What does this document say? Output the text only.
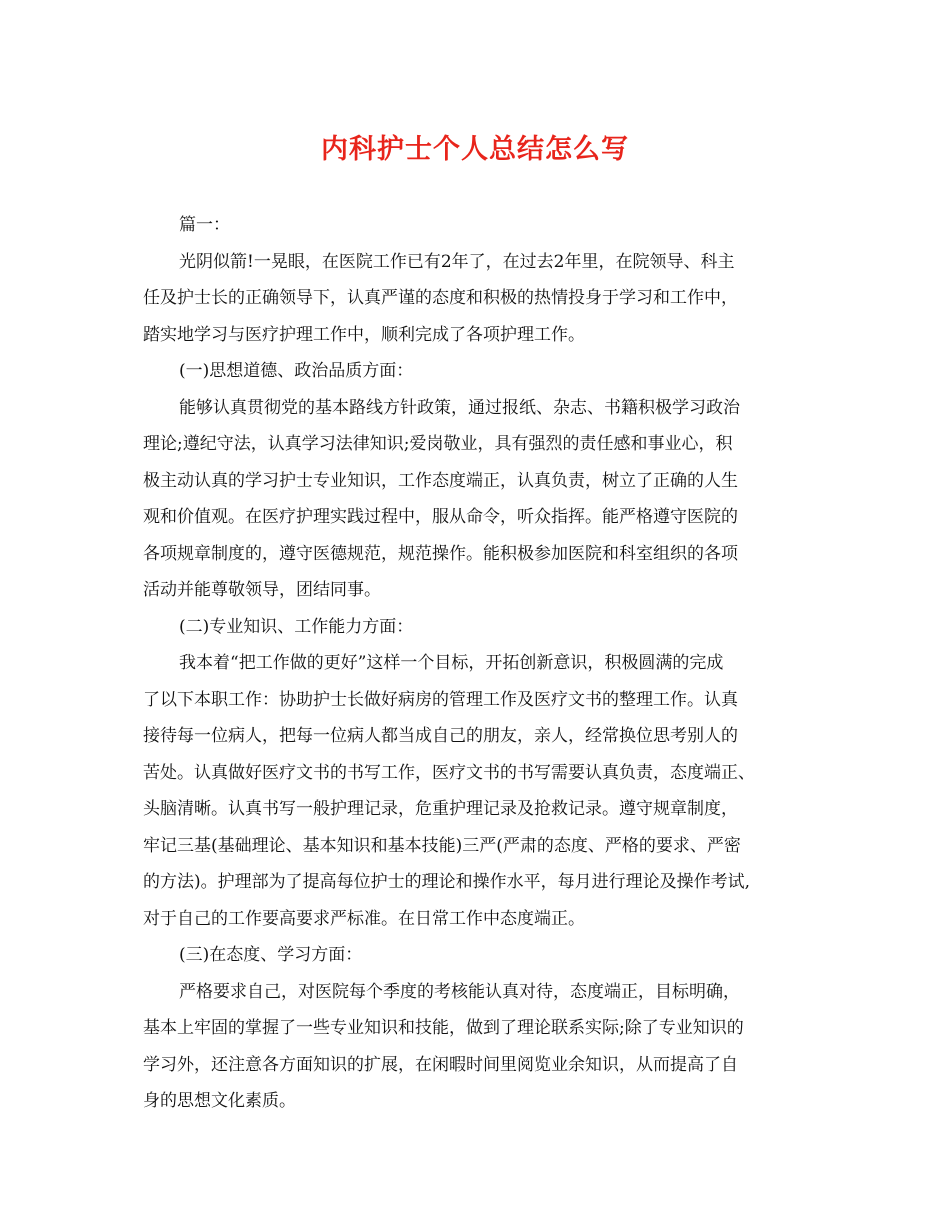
内科护士个人总结怎么写
篇一：
光阴似箭!一晃眼，在医院工作已有2年了，在过去2年里，在院领导、科主
任及护士长的正确领导下，认真严谨的态度和积极的热情投身于学习和工作中，
踏实地学习与医疗护理工作中，顺利完成了各项护理工作。
(一)思想道德、政治品质方面：
能够认真贯彻党的基本路线方针政策，通过报纸、杂志、书籍积极学习政治
理论;遵纪守法，认真学习法律知识;爱岗敬业，具有强烈的责任感和事业心，积
极主动认真的学习护士专业知识，工作态度端正，认真负责，树立了正确的人生
观和价值观。在医疗护理实践过程中，服从命令，听众指挥。能严格遵守医院的
各项规章制度的，遵守医德规范，规范操作。能积极参加医院和科室组织的各项
活动并能尊敬领导，团结同事。
(二)专业知识、工作能力方面：
我本着“把工作做的更好”这样一个目标，开拓创新意识，积极圆满的完成
了以下本职工作：协助护士长做好病房的管理工作及医疗文书的整理工作。认真
接待每一位病人，把每一位病人都当成自己的朋友，亲人，经常换位思考别人的
苦处。认真做好医疗文书的书写工作，医疗文书的书写需要认真负责，态度端正、
头脑清晰。认真书写一般护理记录，危重护理记录及抢救记录。遵守规章制度，
牢记三基(基础理论、基本知识和基本技能)三严(严肃的态度、严格的要求、严密
的方法)。护理部为了提高每位护士的理论和操作水平，每月进行理论及操作考试,
对于自己的工作要高要求严标准。在日常工作中态度端正。
(三)在态度、学习方面：
严格要求自己，对医院每个季度的考核能认真对待，态度端正，目标明确，
基本上牢固的掌握了一些专业知识和技能，做到了理论联系实际;除了专业知识的
学习外，还注意各方面知识的扩展，在闲暇时间里阅览业余知识，从而提高了自
身的思想文化素质。
